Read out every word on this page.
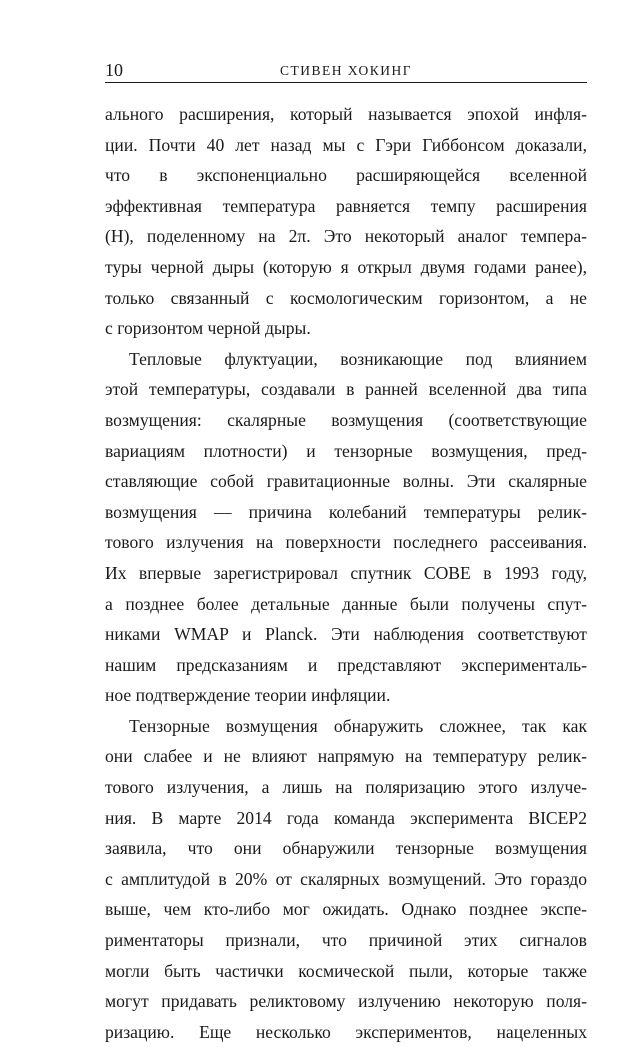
10	СТИВЕН ХОКИНГ
ального расширения, который называется эпохой инфля-
ции. Почти 40 лет назад мы с Гэри Гиббонсом доказали,
что в экспоненциально расширяющейся вселенной
эффективная температура равняется темпу расширения
(H), поделенному на 2π. Это некоторый аналог темпера-
туры черной дыры (которую я открыл двумя годами ранее),
только связанный с космологическим горизонтом, а не
с горизонтом черной дыры.
Тепловые флуктуации, возникающие под влиянием
этой температуры, создавали в ранней вселенной два типа
возмущения: скалярные возмущения (соответствующие
вариациям плотности) и тензорные возмущения, пред-
ставляющие собой гравитационные волны. Эти скалярные
возмущения — причина колебаний температуры релик-
тового излучения на поверхности последнего рассеивания.
Их впервые зарегистрировал спутник COBE в 1993 году,
а позднее более детальные данные были получены спут-
никами WMAP и Planck. Эти наблюдения соответствуют
нашим предсказаниям и представляют эксперименталь-
ное подтверждение теории инфляции.
Тензорные возмущения обнаружить сложнее, так как
они слабее и не влияют напрямую на температуру релик-
тового излучения, а лишь на поляризацию этого излуче-
ния. В марте 2014 года команда эксперимента BICEP2
заявила, что они обнаружили тензорные возмущения
с амплитудой в 20% от скалярных возмущений. Это гораздо
выше, чем кто-либо мог ожидать. Однако позднее экспе-
риментаторы признали, что причиной этих сигналов
могли быть частички космической пыли, которые также
могут придавать реликтовому излучению некоторую поля-
ризацию. Еще несколько экспериментов, нацеленных
